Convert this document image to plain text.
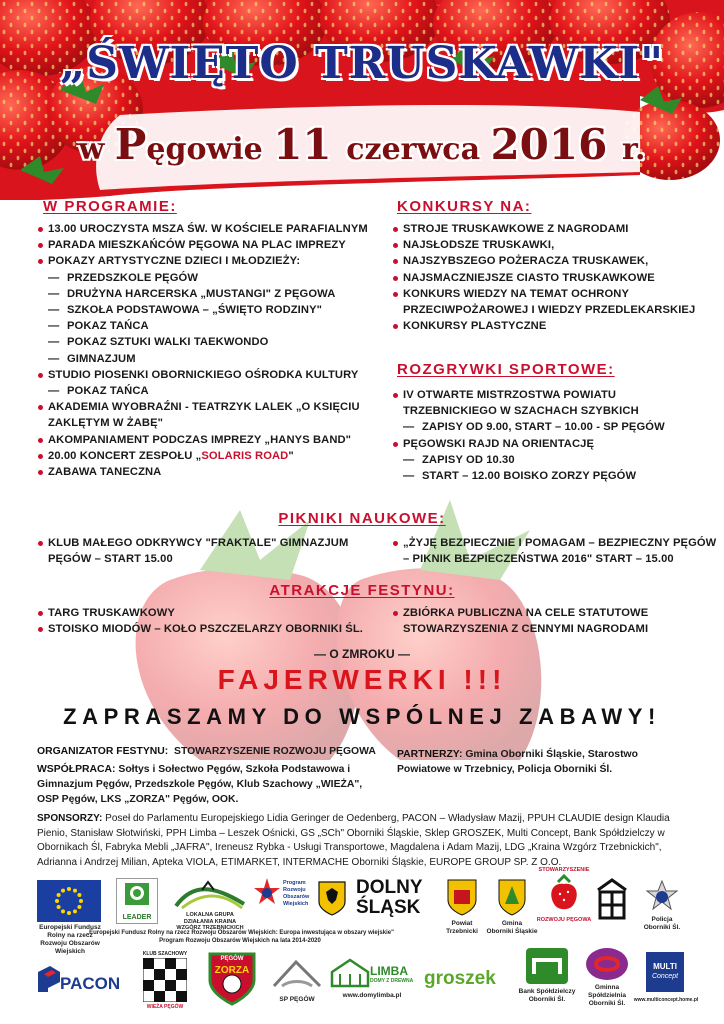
„ŚWIĘTO TRUSKAWKI"
w Pęgowie 11 czerwca 2016 r.
W PROGRAMIE:
13.00 UROCZYSTA MSZA ŚW. W KOŚCIELE PARAFIALNYM
PARADA MIESZKAŃCÓW PĘGOWA NA PLAC IMPREZY
POKAZY ARTYSTYCZNE DZIECI I MŁODZIEŻY:
— PRZEDSZKOLE PĘGÓW
— DRUŻYNA HARCERSKA „MUSTANGI" Z PĘGOWA
— SZKOŁA PODSTAWOWA – „ŚWIĘTO RODZINY"
— POKAZ TAŃCA
— POKAZ SZTUKI WALKI TAEKWONDO
— GIMNAZJUM
STUDIO PIOSENKI OBORNICKIEGO OŚRODKA KULTURY
— POKAZ TAŃCA
AKADEMIA WYOBRAŹNI - TEATRZYK LALEK „O KSIĘCIU
ZAKLĘTYM W ŻABĘ"
AKOMPANIAMENT PODCZAS IMPREZY „HANYS BAND"
20.00 KONCERT ZESPOŁU „SOLARIS ROAD"
ZABAWA TANECZNA
KONKURSY NA:
STROJE TRUSKAWKOWE Z NAGRODAMI
NAJSŁODSZE TRUSKAWKI,
NAJSZYBSZEGO POŻERACZA TRUSKAWEK,
NAJSMACZNIEJSZE CIASTO TRUSKAWKOWE
KONKURS WIEDZY NA TEMAT OCHRONY
PRZECIWPOŻAROWEJ I WIEDZY PRZEDLEKARSKIEJ
KONKURSY PLASTYCZNE
ROZGRYWKI SPORTOWE:
IV OTWARTE MISTRZOSTWA POWIATU
TRZEBNICKIEGO W SZACHACH SZYBKICH
— ZAPISY OD 9.00, START – 10.00 - SP PĘGÓW
PĘGOWSKI RAJD NA ORIENTACJĘ
— ZAPISY OD 10.30
— START – 12.00 BOISKO ZORZY PĘGÓW
PIKNIKI NAUKOWE:
KLUB MAŁEGO ODKRYWCY "FRAKTALE" GIMNAZJUM
PĘGÓW – START 15.00
„ŻYJĘ BEZPIECZNIE I POMAGAM – BEZPIECZNY PĘGÓW
– PIKNIK BEZPIECZEŃSTWA 2016" START – 15.00
ATRAKCJE FESTYNU:
TARG TRUSKAWKOWY
STOISKO MIODÓW – KOŁO PSZCZELARZY OBORNIKI ŚL.
ZBIÓRKA PUBLICZNA NA CELE STATUTOWE
STOWARZYSZENIA Z CENNYMI NAGRODAMI
— O ZMROKU —
FAJERWERKI !!!
ZAPRASZAMY DO WSPÓLNEJ ZABAWY!
ORGANIZATOR FESTYNU: STOWARZYSZENIE ROZWOJU PĘGOWA
WSPÓŁPRACA: Sołtys i Sołectwo Pęgów, Szkoła Podstawowa i
Gimnazjum Pęgów, Przedszkole Pęgów, Klub Szachowy „WIEŻA",
OSP Pęgów, LKS „ZORZA" Pęgów, OOK.
PARTNERZY: Gmina Oborniki Śląskie, Starostwo
Powiatowe w Trzebnicy, Policja Oborniki Śl.
SPONSORZY: Poseł do Parlamentu Europejskiego Lidia Geringer de Oedenberg, PACON – Władysław Mazij, PPUH CLAUDIE design Klaudia
Pienio, Stanisław Słotwiński, PPH Limba – Leszek Ośnicki, GS „SCh" Oborniki Śląskie, Sklep GROSZEK, Multi Concept, Bank Spółdzielczy w
Obornikach Śl, Fabryka Mebli „JAFRA", Ireneusz Rybka - Usługi Transportowe, Magdalena i Adam Mazij, LDG „Kraina Wzgórz Trzebnickich",
Adrianna i Andrzej Milian, Apteka VIOLA, ETIMARKET, INTERMACHE Oborniki Śląskie, EUROPE GROUP SP. Z O.O.
Europejski Fundusz Rolny na rzecz
Rozwoju Obszarów Wiejskich
LEADER	LOKALNA GRUPA DZIAŁANIA KRAINA WZGÓRZ TRZEBNICKICH
Program Rozwoju Obszarów Wiejskich
DOLNY
ŚLĄSK
Powiat
Trzebnicki
Gmina
Oborniki Śląskie
STOWARZYSZENIE
ROZWOJU PĘGOWA	Policja
Oborniki Śl.
„Europejski Fundusz Rolny na rzecz Rozwoju Obszarów Wiejskich: Europa inwestująca w obszary wiejskie"
Program Rozwoju Obszarów Wiejskich na lata 2014-2020
PACON
KLUB SZACHOWY
WIEŻA PĘGÓW
PĘGÓW
ZORZA
SP PĘGÓW
LIMBA
DOMY Z DREWNA
www.domylimba.pl
groszek
Bank Spółdzielczy
Oborniki Śl.
Gminna
Spółdzielnia
Oborniki Śl.
MULTI
Concept
www.multiconcept.home.pl
